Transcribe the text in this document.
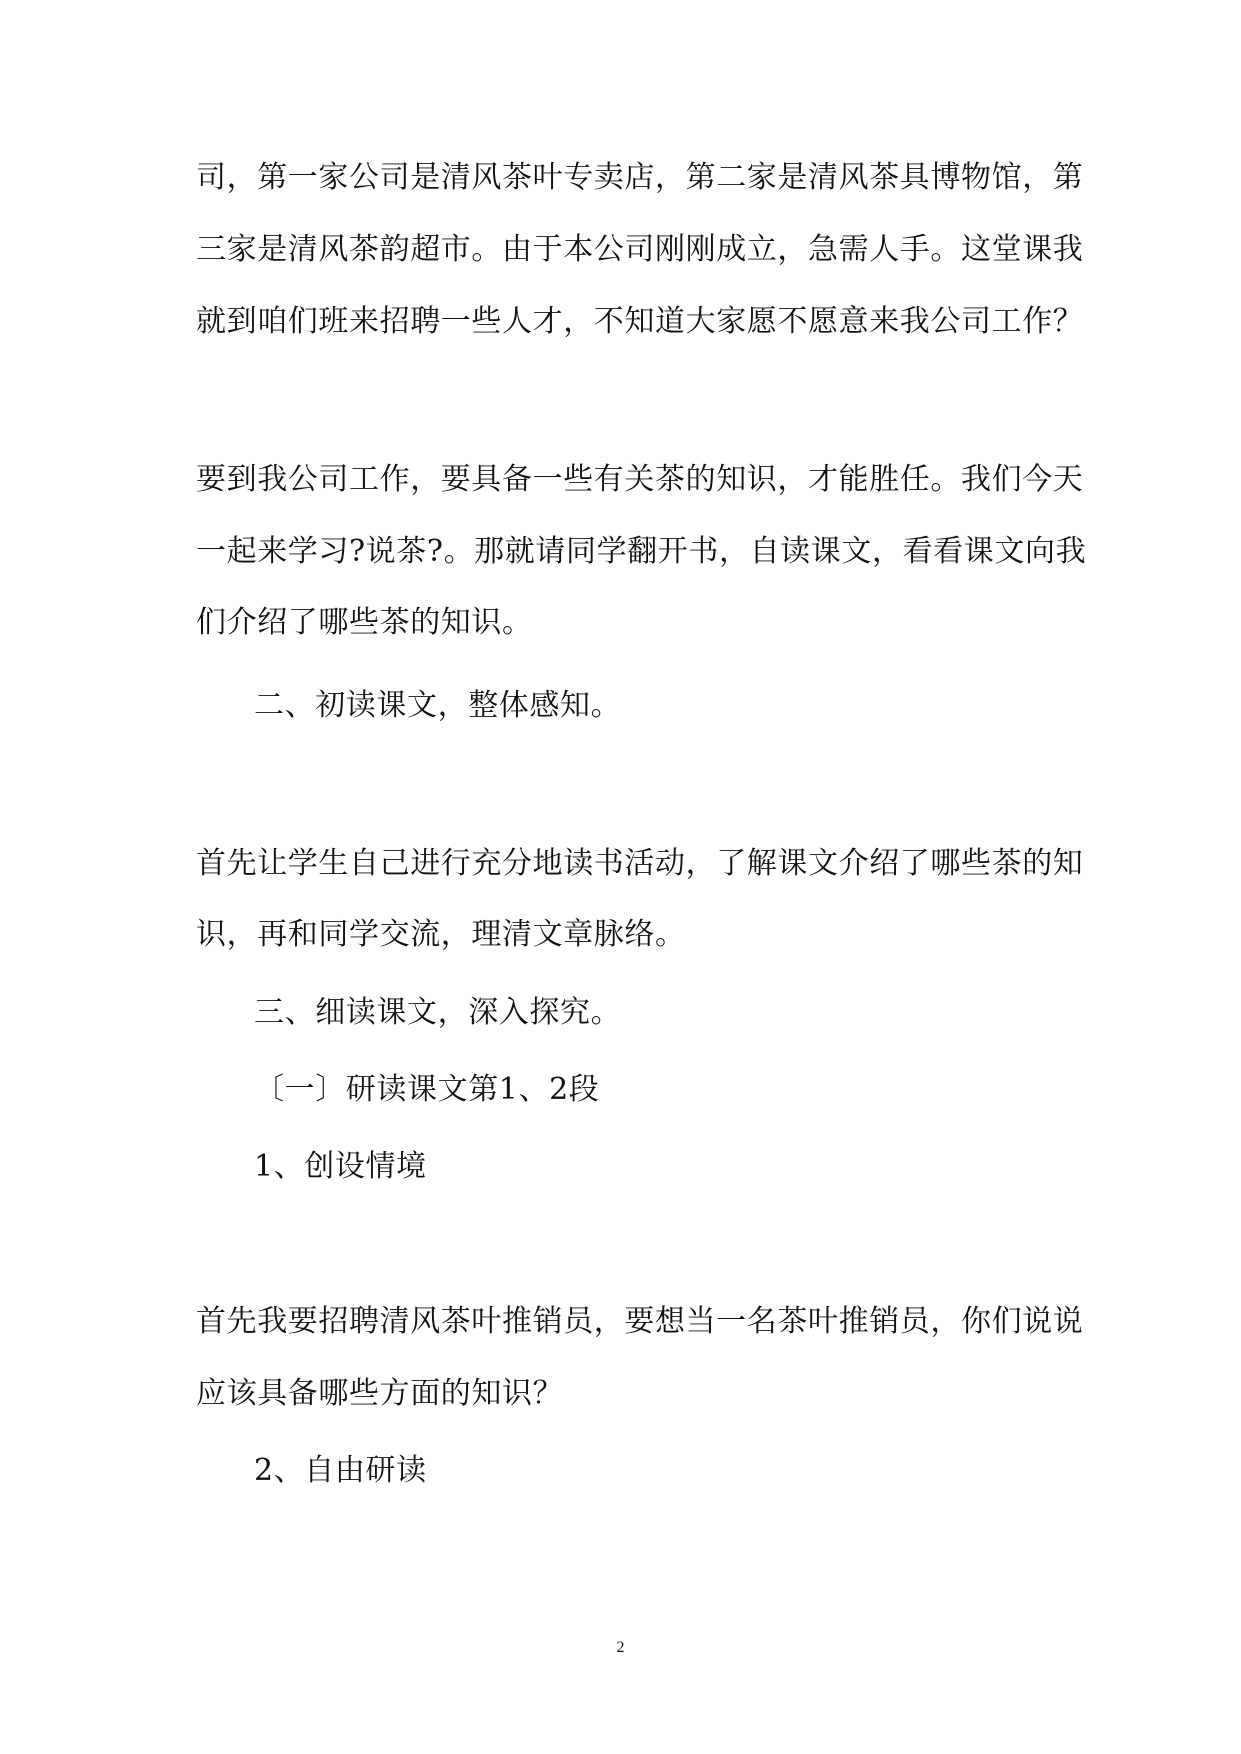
司，第一家公司是清风茶叶专卖店，第二家是清风茶具博物馆，第
三家是清风茶韵超市。由于本公司刚刚成立，急需人手。这堂课我
就到咱们班来招聘一些人才，不知道大家愿不愿意来我公司工作？
要到我公司工作，要具备一些有关茶的知识，才能胜任。我们今天
一起来学习?说茶?。那就请同学翻开书，自读课文，看看课文向我
们介绍了哪些茶的知识。
二、初读课文，整体感知。
首先让学生自己进行充分地读书活动，了解课文介绍了哪些茶的知
识，再和同学交流，理清文章脉络。
三、细读课文，深入探究。
〔一〕研读课文第1、2段
1、创设情境
首先我要招聘清风茶叶推销员，要想当一名茶叶推销员，你们说说
应该具备哪些方面的知识？
2、自由研读
2
